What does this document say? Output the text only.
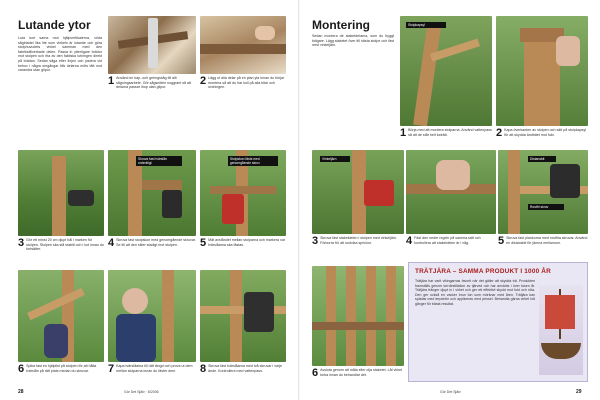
Lutande ytor
Luta kort sarna mot hjälpvertikalerna, vrida sågbladet lika lite som vinkeln är lutande och göra stolphuvudets vinkel samman med den fabrikstillverkade delen. Passa in ytterligare brädor mot stolpen och rita av den faktiska lutningen direkt på brädan. Sedan såga efter linjen och justera vid behov i några omgångar tills delarna möts tätt mot varandra utan glipor.
1 Använd en kap- och geringssåg till allt sågningsarbete. Gör sågsnitten noggrant så att delarna passar ihop utan glipor.	2 Lägg ut alla delar på en plan yta innan du börjar montera så att du har koll på alla bitar och ordningen.
3 Gör ett minst 20 cm djupt hål i marken för stolpen. Stolpen ska stå stabilt och i lod innan du fortsätter.
Skruva fast tvärslån ordentligt
4 Skruva fast stolpskon med genomgående skruvar. Se till att den sitter stadigt mot stolpen.
Stolpskon fästs med genomgående skruv
5 Mät avståndet mellan stolparna och markera var tvärslåarna ska fästas.
6 Spika fast en hjälplist på stolpen för att hålla tvärslån på rätt plats medan du skruvar.	7 Kapa tvärslåarna till rätt längd och prova ut dem mellan stolparna innan du fäster dem.	8 Skruva fast tvärslåarna med två skruvar i varje ände. Kontrollera med vattenpass.
28	Gör Det Själv · 8/2006
Montering
Sedan montera de staketdelarna, som du byggt tidigare. Lägg staketet över till nästa stolpe och fäst med vinkeljärn.
Stolpkapsyl
1 Börja med att montera stolparna. Använd vattenpass så att de står helt lodrätt.	2 Kapa överkanten av stolpen och sätt på stolpkapsyl för att skydda ändträet mot fukt.
Vinkeljärn
3 Skruva fast staketdelen i stolpen med vinkeljärn. Förborra för att undvika sprickor.	4 Fäst den nedre regeln på samma sätt och kontrollera att staketdelen är i våg.
Distansbit
Rostfri skruv
5 Skruva fast plankorna med rostfria skruvar. Använd en distansbit för jämna mellanrum.
6 Avsluta genom att måla eller olja staketet. Låt virket torka innan du behandlar det.
TRÄTJÄRA – SAMMA PRODUKT I 1000 ÅR
Trätjära har varit vikingarnas favorit när det gäller att skydda trä. Produkten framställs genom torrdestillation av tjärved och har använts i över tusen år. Trätjära tränger djupt in i virket och ger ett effektivt skydd mot fukt och röta. Den ger också en vacker brun ton som mörknar med åren. Trätjära kan spädas med terpentin och appliceras med pensel. Behandla gärna virket två gånger för bästa resultat.
Gör Det Själv	29
